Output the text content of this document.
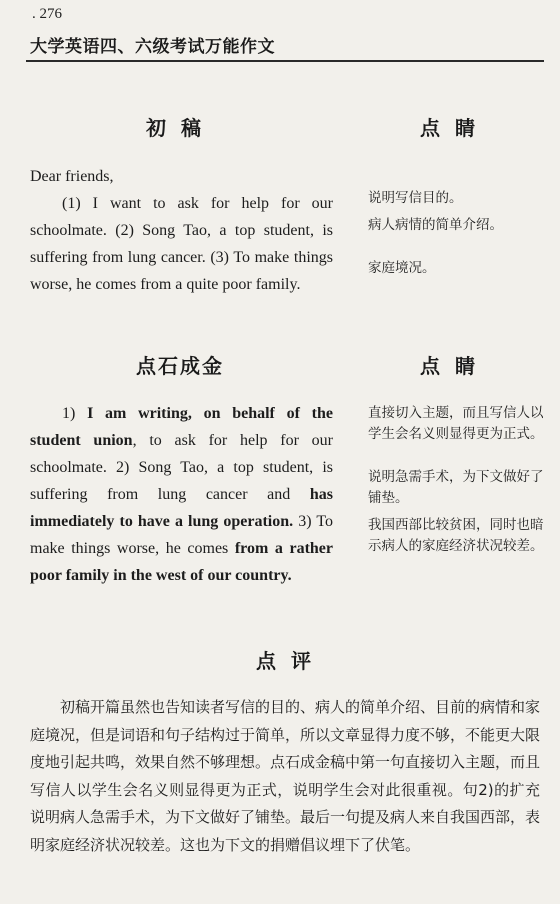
. 276
大学英语四、六级考试万能作文
初 稿	点 睛

Dear friends,

(1) I want to ask for help for our schoolmate. (2) Song Tao, a top student, is suffering from lung cancer. (3) To make things worse, he comes from a quite poor family.

说明写信目的。

病人病情的简单介绍。

家庭境况。

点石成金	点 睛

1) I am writing, on behalf of the student union, to ask for help for our schoolmate. 2) Song Tao, a top student, is suffering from lung cancer and has immediately to have a lung operation. 3) To make things worse, he comes from a rather poor family in the west of our country.

直接切入主题，而且写信人以学生会名义则显得更为正式。

说明急需手术，为下文做好了铺垫。

我国西部比较贫困，同时也暗示病人的家庭经济状况较差。

点 评

初稿开篇虽然也告知读者写信的目的、病人的简单介绍、目前的病情和家庭境况，但是词语和句子结构过于简单，所以文章显得力度不够，不能更大限度地引起共鸣，效果自然不够理想。点石成金稿中第一句直接切入主题，而且写信人以学生会名义则显得更为正式，说明学生会对此很重视。句2)的扩充说明病人急需手术，为下文做好了铺垫。最后一句提及病人来自我国西部，表明家庭经济状况较差。这也为下文的捐赠倡议埋下了伏笔。
